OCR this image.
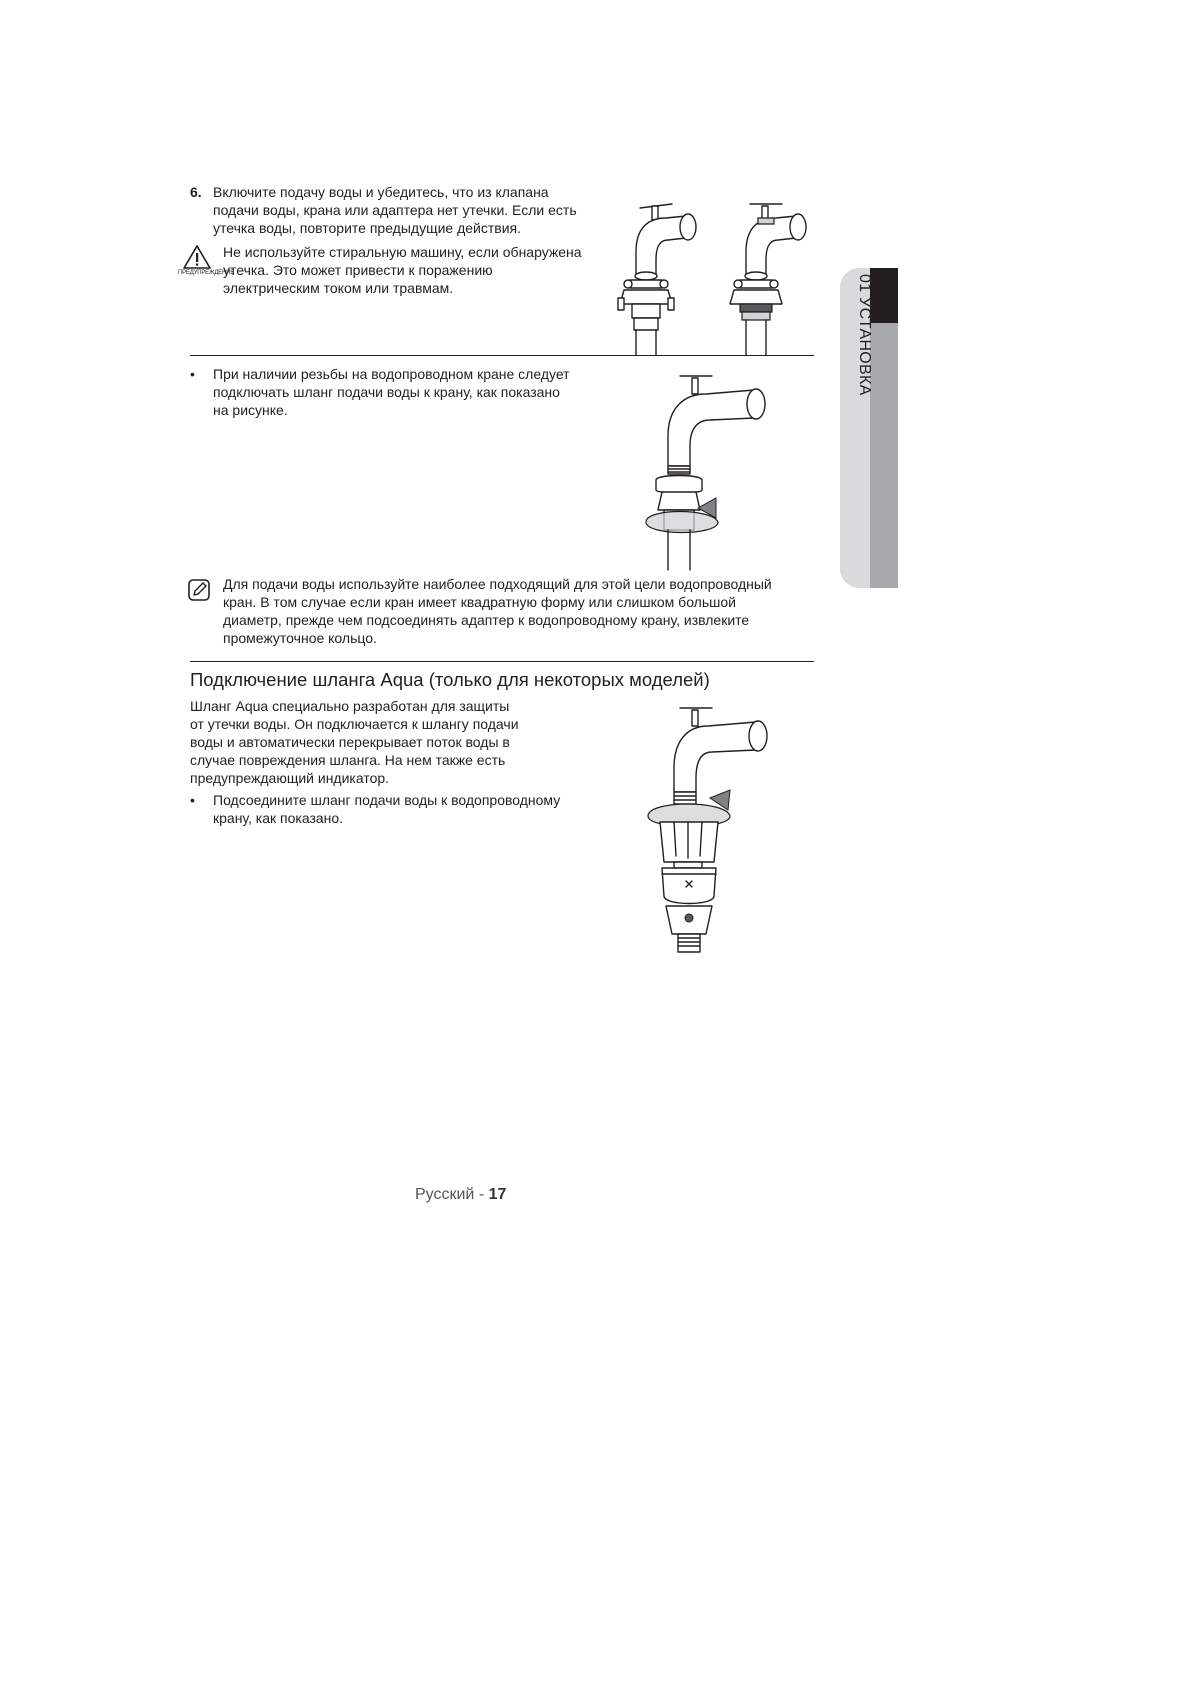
6. Включите подачу воды и убедитесь, что из клапана
подачи воды, крана или адаптера нет утечки. Если есть
утечка воды, повторите предыдущие действия.
ПРЕДУПРЕЖДЕНИЕ
Не используйте стиральную машину, если обнаружена
утечка. Это может привести к поражению
электрическим током или травмам.
• При наличии резьбы на водопроводном кране следует
подключать шланг подачи воды к крану, как показано
на рисунке.
Для подачи воды используйте наиболее подходящий для этой цели водопроводный
кран. В том случае если кран имеет квадратную форму или слишком большой
диаметр, прежде чем подсоединять адаптер к водопроводному крану, извлеките
промежуточное кольцо.
Подключение шланга Aqua (только для некоторых моделей)
Шланг Aqua специально разработан для защиты
от утечки воды. Он подключается к шлангу подачи
воды и автоматически перекрывает поток воды в
случае повреждения шланга. На нем также есть
предупреждающий индикатор.
• Подсоедините шланг подачи воды к водопроводному
крану, как показано.
01 УСТАНОВКА
Русский - 17
